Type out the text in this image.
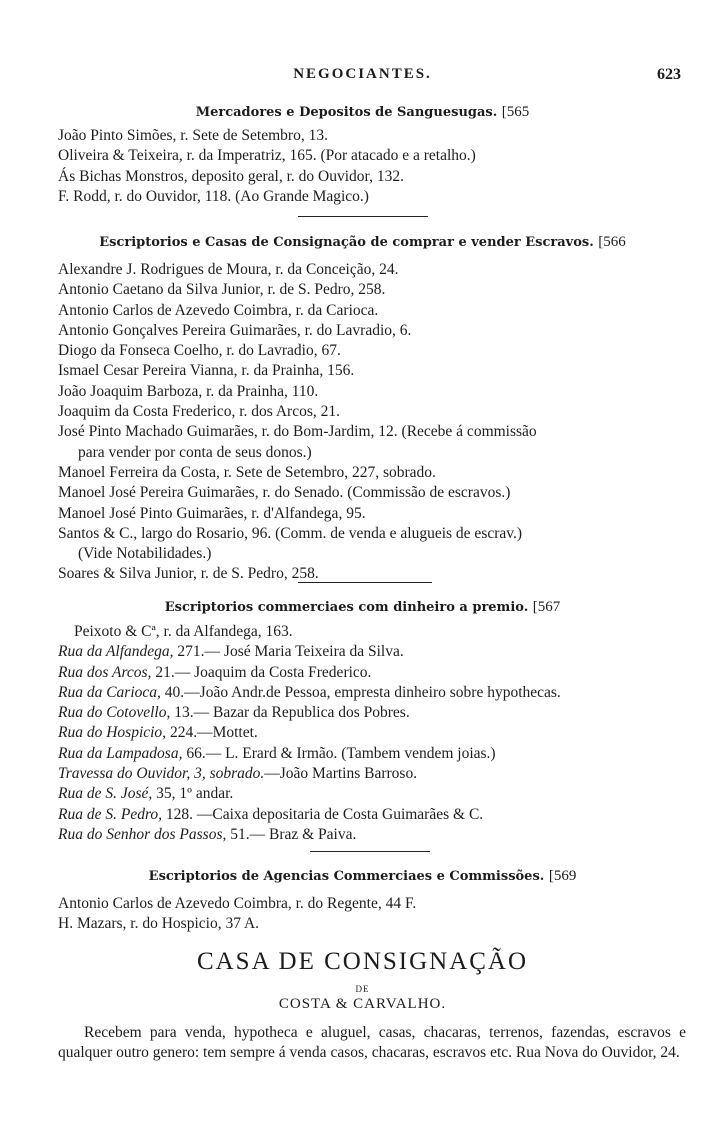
NEGOCIANTES.	623
Mercadores e Depositos de Sanguesugas. [565
João Pinto Simões, r. Sete de Setembro, 13.
Oliveira & Teixeira, r. da Imperatriz, 165. (Por atacado e a retalho.)
Ás Bichas Monstros, deposito geral, r. do Ouvidor, 132.
F. Rodd, r. do Ouvidor, 118. (Ao Grande Magico.)
Escriptorios e Casas de Consignação de comprar e vender Escravos. [566
Alexandre J. Rodrigues de Moura, r. da Conceição, 24.
Antonio Caetano da Silva Junior, r. de S. Pedro, 258.
Antonio Carlos de Azevedo Coimbra, r. da Carioca.
Antonio Gonçalves Pereira Guimarães, r. do Lavradio, 6.
Diogo da Fonseca Coelho, r. do Lavradio, 67.
Ismael Cesar Pereira Vianna, r. da Prainha, 156.
João Joaquim Barboza, r. da Prainha, 110.
Joaquim da Costa Frederico, r. dos Arcos, 21.
José Pinto Machado Guimarães, r. do Bom-Jardim, 12. (Recebe á commissão
para vender por conta de seus donos.)
Manoel Ferreira da Costa, r. Sete de Setembro, 227, sobrado.
Manoel José Pereira Guimarães, r. do Senado. (Commissão de escravos.)
Manoel José Pinto Guimarães, r. d'Alfandega, 95.
Santos & C., largo do Rosario, 96. (Comm. de venda e alugueis de escrav.)
(Vide Notabilidades.)
Soares & Silva Junior, r. de S. Pedro, 258.
Escriptorios commerciaes com dinheiro a premio. [567
Peixoto & Cª, r. da Alfandega, 163.
Rua da Alfandega, 271.— José Maria Teixeira da Silva.
Rua dos Arcos, 21.— Joaquim da Costa Frederico.
Rua da Carioca, 40.—João Andr.de Pessoa, empresta dinheiro sobre hypothecas.
Rua do Cotovello, 13.— Bazar da Republica dos Pobres.
Rua do Hospicio, 224.—Mottet.
Rua da Lampadosa, 66.— L. Erard & Irmão. (Tambem vendem joias.)
Travessa do Ouvidor, 3, sobrado.—João Martins Barroso.
Rua de S. José, 35, 1º andar.
Rua de S. Pedro, 128. —Caixa depositaria de Costa Guimarães & C.
Rua do Senhor dos Passos, 51.— Braz & Paiva.
Escriptorios de Agencias Commerciaes e Commissões. [569
Antonio Carlos de Azevedo Coimbra, r. do Regente, 44 F.
H. Mazars, r. do Hospicio, 37 A.
CASA DE CONSIGNAÇÃO
DE
COSTA & CARVALHO.

Recebem para venda, hypotheca e aluguel, casas, chacaras, terrenos, fazendas, escravos e qualquer outro genero: tem sempre á venda casos, chacaras, escravos etc. Rua Nova do Ouvidor, 24.
